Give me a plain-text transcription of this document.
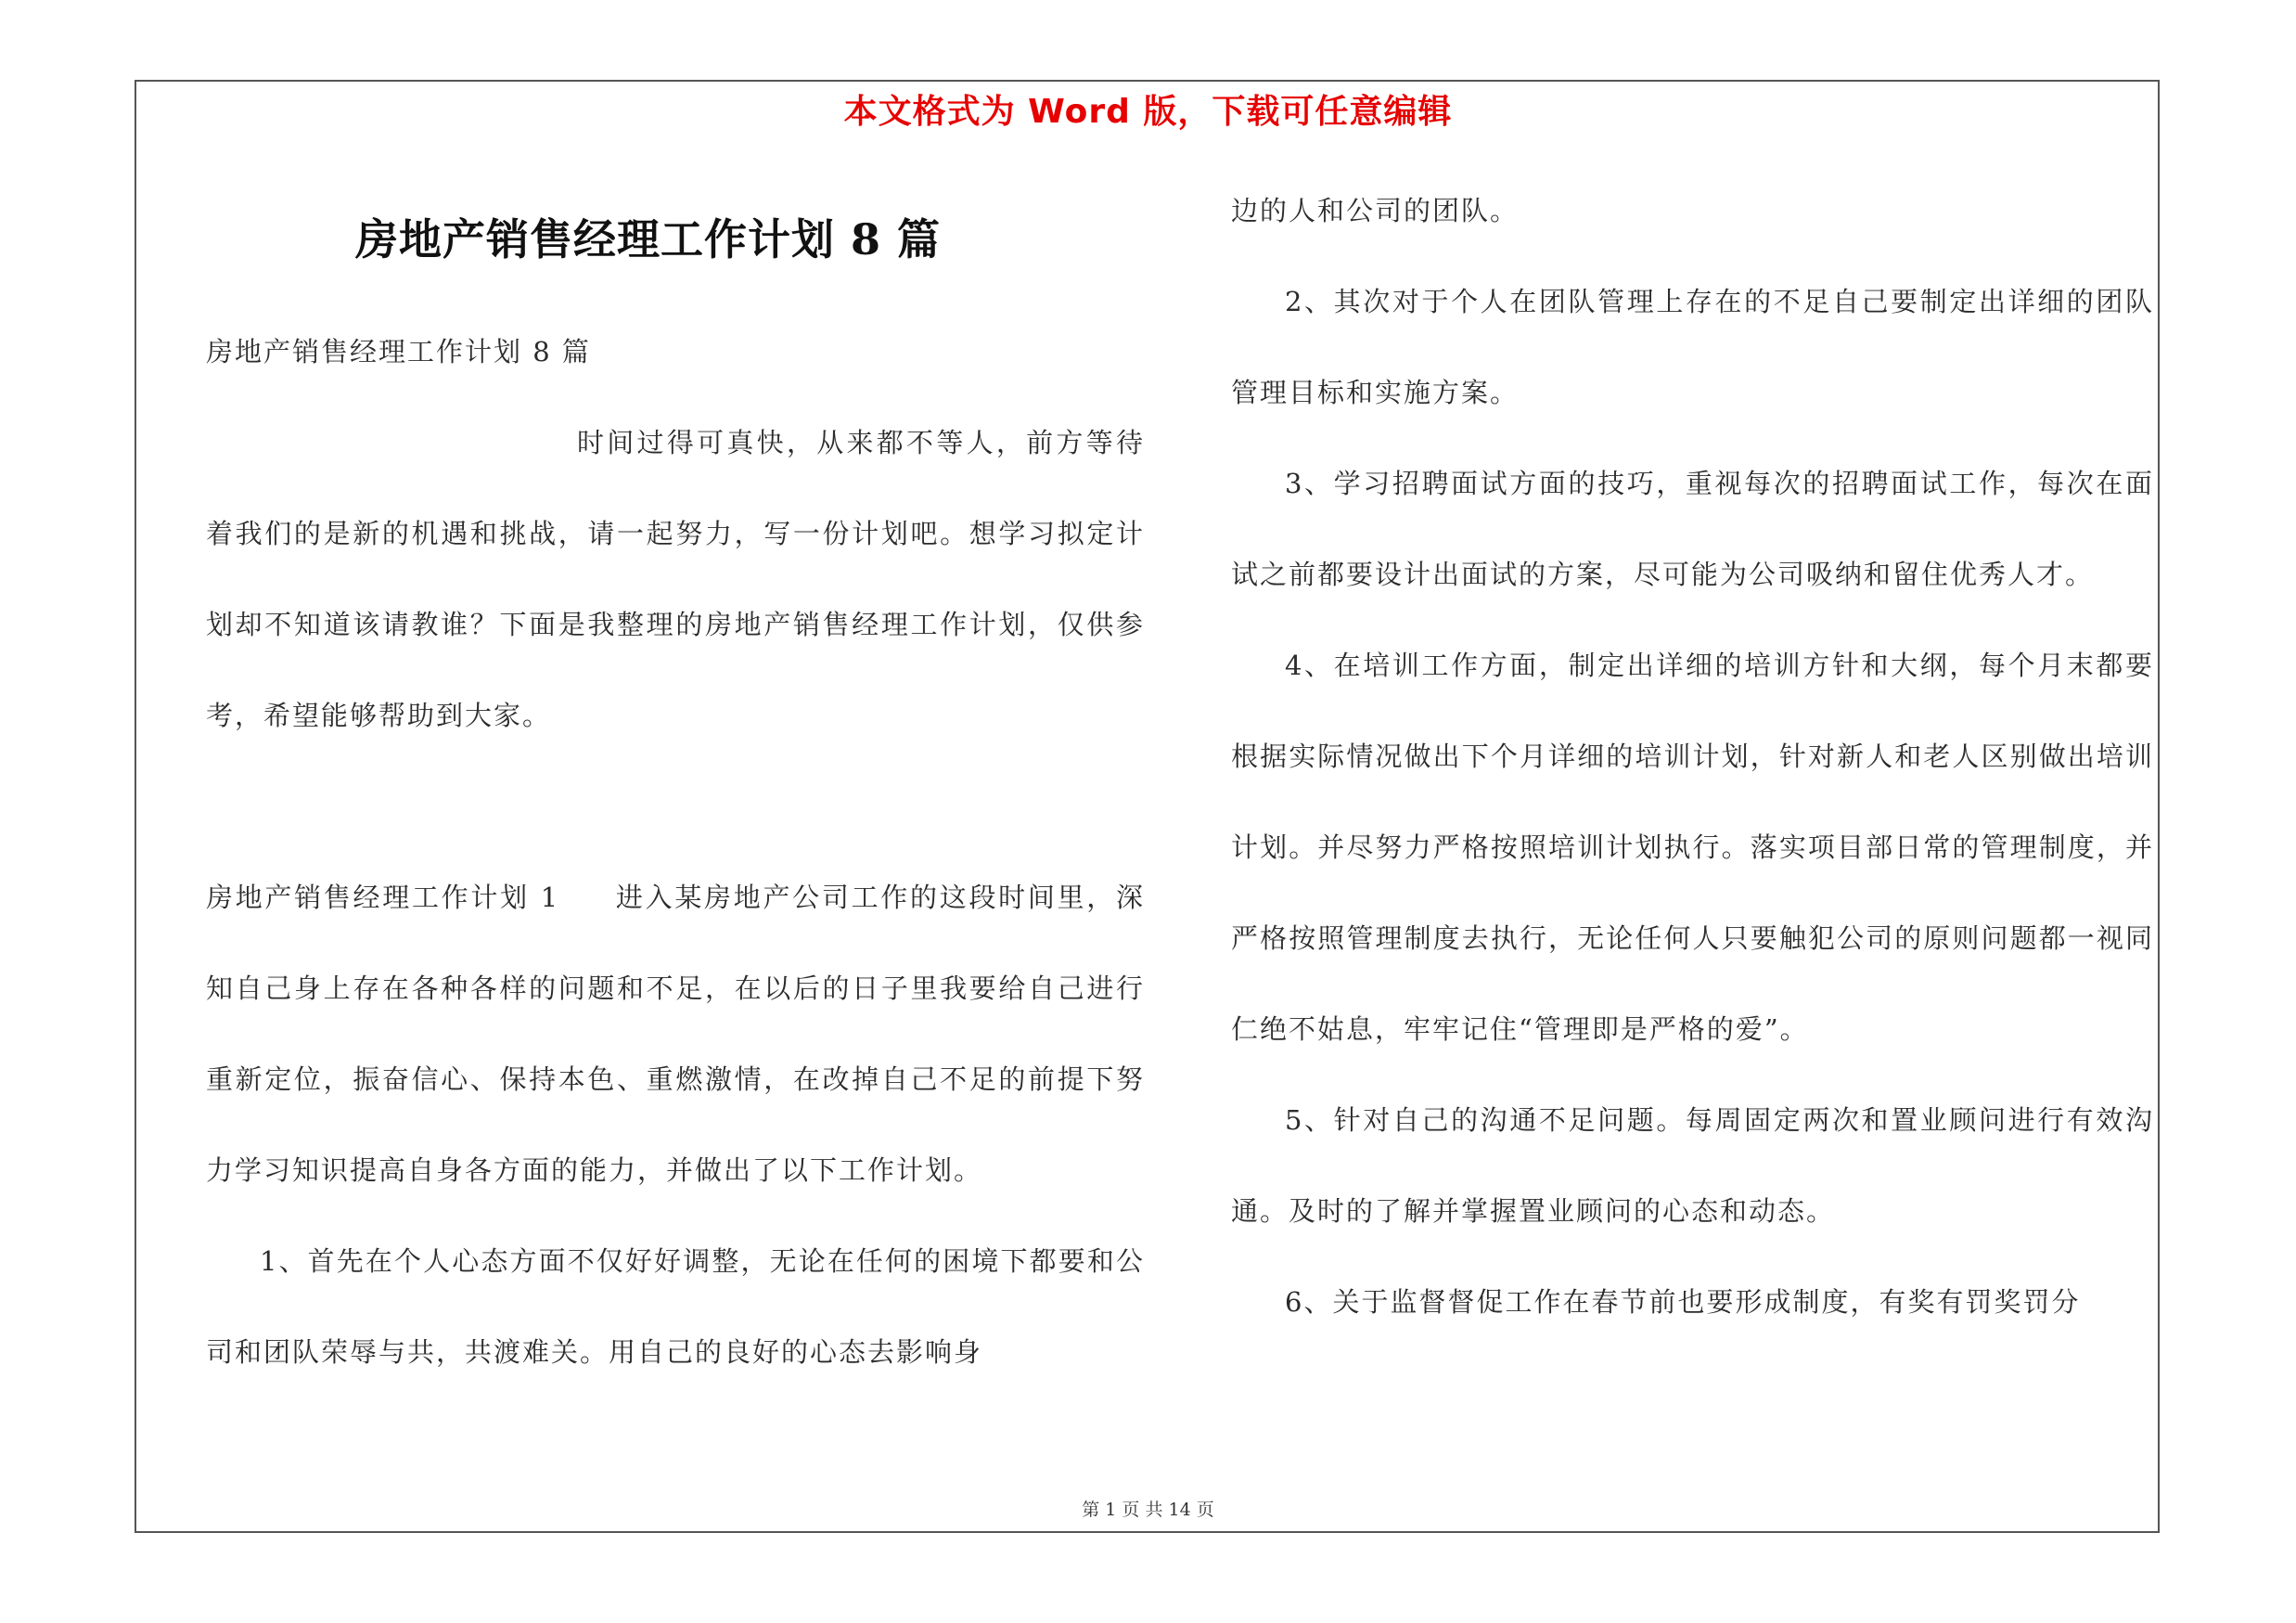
本文格式为 Word 版，下载可任意编辑
房地产销售经理工作计划 8 篇

房地产销售经理工作计划 8 篇

时间过得可真快，从来都不等人，前方等待着我们的是新的机遇和挑战，请一起努力，写一份计划吧。想学习拟定计划却不知道该请教谁？下面是我整理的房地产销售经理工作计划，仅供参考，希望能够帮助到大家。

房地产销售经理工作计划 1 进入某房地产公司工作的这段时间里，深知自己身上存在各种各样的问题和不足，在以后的日子里我要给自己进行重新定位，振奋信心、保持本色、重燃激情，在改掉自己不足的前提下努力学习知识提高自身各方面的能力，并做出了以下工作计划。

1、首先在个人心态方面不仅好好调整，无论在任何的困境下都要和公司和团队荣辱与共，共渡难关。用自己的良好的心态去影响身

边的人和公司的团队。

2、其次对于个人在团队管理上存在的不足自己要制定出详细的团队管理目标和实施方案。

3、学习招聘面试方面的技巧，重视每次的招聘面试工作，每次在面试之前都要设计出面试的方案，尽可能为公司吸纳和留住优秀人才。

4、在培训工作方面，制定出详细的培训方针和大纲，每个月末都要根据实际情况做出下个月详细的培训计划，针对新人和老人区别做出培训计划。并尽努力严格按照培训计划执行。落实项目部日常的管理制度，并严格按照管理制度去执行，无论任何人只要触犯公司的原则问题都一视同仁绝不姑息，牢牢记住“管理即是严格的爱”。

5、针对自己的沟通不足问题。每周固定两次和置业顾问进行有效沟通。及时的了解并掌握置业顾问的心态和动态。

6、关于监督督促工作在春节前也要形成制度，有奖有罚奖罚分

第 1 页 共 14 页
